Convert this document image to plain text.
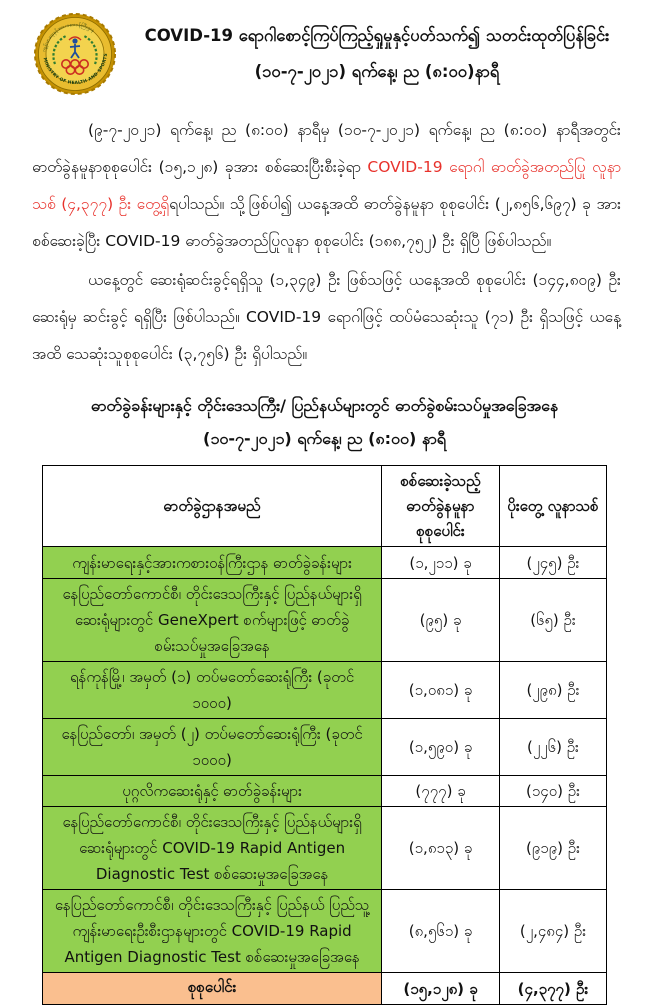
ကျန်းမာရေးနှင့်အားကစားဝန်ကြီးဌာန
MINISTRY OF HEALTH AND SPORTS
COVID-19 ရောဂါစောင့်ကြပ်ကြည့်ရှုမှုနှင့်ပတ်သက်၍ သတင်းထုတ်ပြန်ခြင်း
(၁၀-၇-၂၀၂၁) ရက်နေ့၊ ည (၈:၀၀)နာရီ

(၉-၇-၂၀၂၁) ရက်နေ့၊ ည (၈:၀၀) နာရီမှ (၁၀-၇-၂၀၂၁) ရက်နေ့၊ ည (၈:၀၀) နာရီအတွင်း ဓာတ်ခွဲနမူနာစုစုပေါင်း (၁၅,၁၂၈) ခုအား စစ်ဆေးပြီးစီးခဲ့ရာ COVID-19 ရောဂါ ဓာတ်ခွဲအတည်ပြု လူနာသစ် (၄,၃၇၇) ဦး တွေ့ရှိရပါသည်။ သို့ဖြစ်ပါ၍ ယနေ့အထိ ဓာတ်ခွဲနမူနာ စုစုပေါင်း (၂,၈၅၆,၆၉၇) ခု အား စစ်ဆေးခဲ့ပြီး COVID-19 ဓာတ်ခွဲအတည်ပြုလူနာ စုစုပေါင်း (၁၈၈,၇၅၂) ဦး ရှိပြီ ဖြစ်ပါသည်။

ယနေ့တွင် ဆေးရုံဆင်းခွင့်ရရှိသူ (၁,၃၄၉) ဦး ဖြစ်သဖြင့် ယနေ့အထိ စုစုပေါင်း (၁၄၄,၈၀၉) ဦး ဆေးရုံမှ ဆင်းခွင့် ရရှိပြီး ဖြစ်ပါသည်။ COVID-19 ရောဂါဖြင့် ထပ်မံသေဆုံးသူ (၇၁) ဦး ရှိသဖြင့် ယနေ့အထိ သေဆုံးသူစုစုပေါင်း (၃,၇၅၆) ဦး ရှိပါသည်။

ဓာတ်ခွဲခန်းများနှင့် တိုင်းဒေသကြီး/ ပြည်နယ်များတွင် ဓာတ်ခွဲစမ်းသပ်မှုအခြေအနေ
(၁၀-၇-၂၀၂၁) ရက်နေ့၊ ည (၈:၀၀) နာရီ
ဓာတ်ခွဲဌာနအမည်	စစ်ဆေးခဲ့သည့် ဓာတ်ခွဲနမူနာ စုစုပေါင်း	ပိုးတွေ့ လူနာသစ်
ကျန်းမာရေးနှင့်အားကစားဝန်ကြီးဌာန ဓာတ်ခွဲခန်းများ	(၁,၂၁၁) ခု	(၂၄၅) ဦး
နေပြည်တော်ကောင်စီ၊ တိုင်းဒေသကြီးနှင့် ပြည်နယ်များရှိ ဆေးရုံများတွင် GeneXpert စက်များဖြင့် ဓာတ်ခွဲစမ်းသပ်မှုအခြေအနေ	(၉၅) ခု	(၆၅) ဦး
ရန်ကုန်မြို့၊ အမှတ် (၁) တပ်မတော်ဆေးရုံကြီး (ခုတင် ၁၀၀၀)	(၁,၀၈၁) ခု	(၂၉၈) ဦး
နေပြည်တော်၊ အမှတ် (၂) တပ်မတော်ဆေးရုံကြီး (ခုတင် ၁၀၀၀)	(၁,၅၉၀) ခု	(၂၂၆) ဦး
ပုဂ္ဂလိကဆေးရုံနှင့် ဓာတ်ခွဲခန်းများ	(၇၇၇) ခု	(၁၄၀) ဦး
နေပြည်တော်ကောင်စီ၊ တိုင်းဒေသကြီးနှင့် ပြည်နယ်များရှိ ဆေးရုံများတွင် COVID-19 Rapid Antigen Diagnostic Test စစ်ဆေးမှုအခြေအနေ	(၁,၈၁၃) ခု	(၉၁၉) ဦး
နေပြည်တော်ကောင်စီ၊ တိုင်းဒေသကြီးနှင့် ပြည်နယ် ပြည်သူ့ကျန်းမာရေးဦးစီးဌာနများတွင် COVID-19 Rapid Antigen Diagnostic Test စစ်ဆေးမှုအခြေအနေ	(၈,၅၆၁) ခု	(၂,၄၈၄) ဦး
စုစုပေါင်း	(၁၅,၁၂၈) ခု	(၄,၃၇၇) ဦး
